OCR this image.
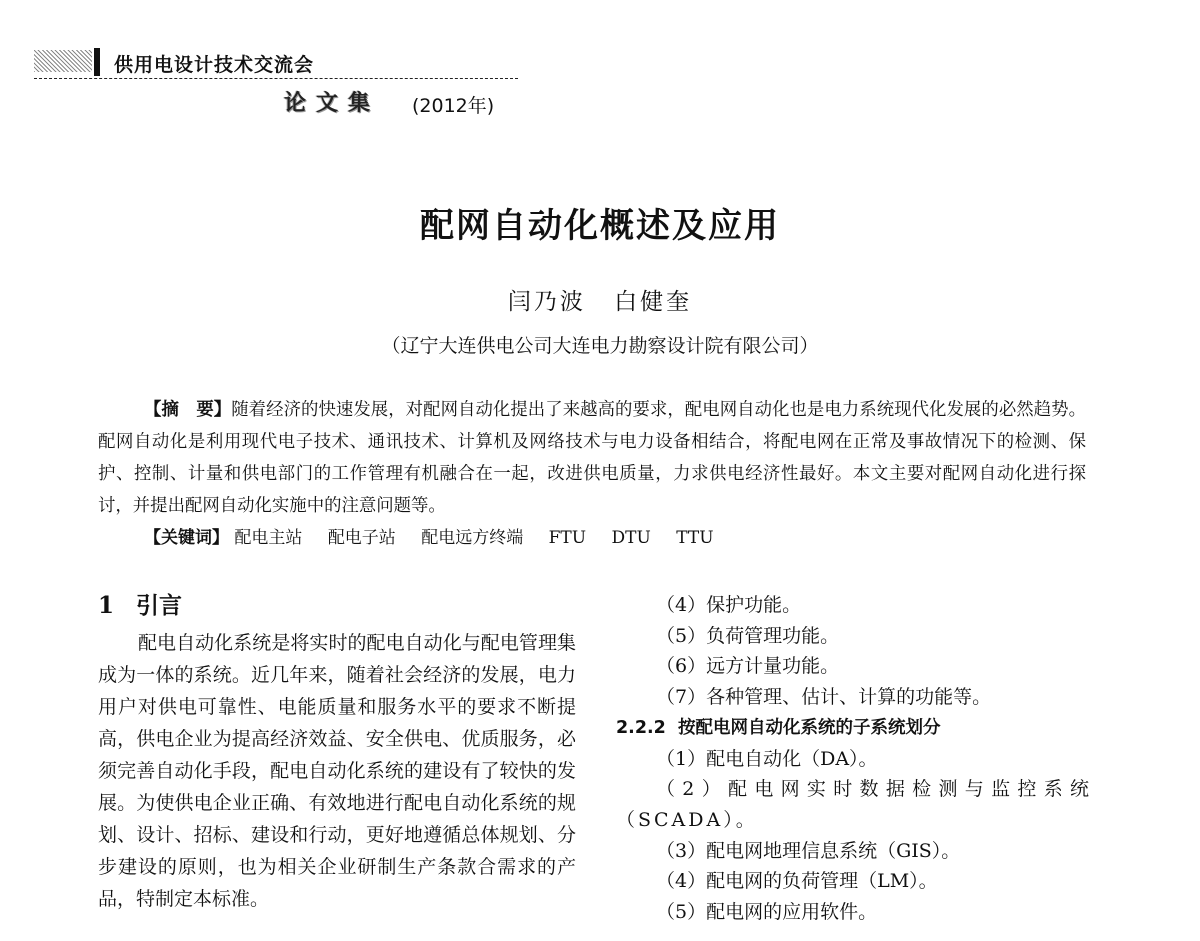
供用电设计技术交流会
论文集 (2012年)
配网自动化概述及应用
闫乃波 白健奎
（辽宁大连供电公司大连电力勘察设计院有限公司）
【摘　要】随着经济的快速发展，对配网自动化提出了来越高的要求，配电网自动化也是电力系统现代化发展的必然趋势。配网自动化是利用现代电子技术、通讯技术、计算机及网络技术与电力设备相结合，将配电网在正常及事故情况下的检测、保护、控制、计量和供电部门的工作管理有机融合在一起，改进供电质量，力求供电经济性最好。本文主要对配网自动化进行探讨，并提出配网自动化实施中的注意问题等。
【关键词】 配电主站 配电子站 配电远方终端 FTU DTU TTU
1 引言
配电自动化系统是将实时的配电自动化与配电管理集成为一体的系统。近几年来，随着社会经济的发展，电力用户对供电可靠性、电能质量和服务水平的要求不断提高，供电企业为提高经济效益、安全供电、优质服务，必须完善自动化手段，配电自动化系统的建设有了较快的发展。为使供电企业正确、有效地进行配电自动化系统的规划、设计、招标、建设和行动，更好地遵循总体规划、分步建设的原则，也为相关企业研制生产条款合需求的产品，特制定本标准。
（4）保护功能。
（5）负荷管理功能。
（6）远方计量功能。
（7）各种管理、估计、计算的功能等。
2.2.2 按配电网自动化系统的子系统划分
（1）配电自动化（DA）。
（2）配电网实时数据检测与监控系统（SCADA）。
（3）配电网地理信息系统（GIS）。
（4）配电网的负荷管理（LM）。
（5）配电网的应用软件。
